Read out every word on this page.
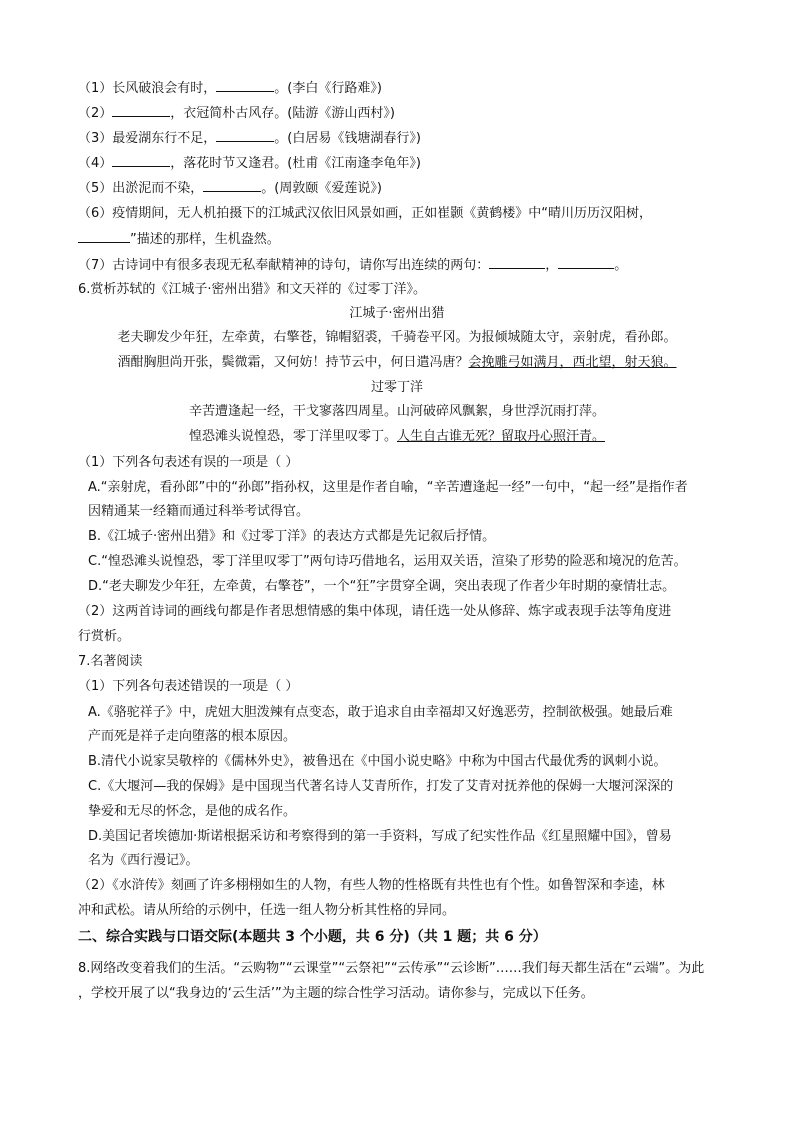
（1）长风破浪会有时，	。(李白《行路难》)
（2）	，衣冠简朴古风存。(陆游《游山西村》)
（3）最爱湖东行不足，	。(白居易《钱塘湖春行》)
（4）	，落花时节又逢君。(杜甫《江南逢李龟年》)
（5）出淤泥而不染，	。(周敦颐《爱莲说》)
（6）疫情期间，无人机拍摄下的江城武汉依旧风景如画，正如崔颢《黄鹤楼》中“晴川历历汉阳树，
”描述的那样，生机盎然。
（7）古诗词中有很多表现无私奉献精神的诗句，请你写出连续的两句：	，	。
6.赏析苏轼的《江城子·密州出猎》和文天祥的《过零丁洋》。
江城子·密州出猎
老夫聊发少年狂，左牵黄，右擎苍，锦帽貂裘，千骑卷平冈。为报倾城随太守，亲射虎，看孙郎。
酒酣胸胆尚开张，鬓微霜，又何妨！持节云中，何日遣冯唐？会挽雕弓如满月，西北望，射天狼。
过零丁洋
辛苦遭逢起一经，干戈寥落四周星。山河破碎风飘絮，身世浮沉雨打萍。
惶恐滩头说惶恐，零丁洋里叹零丁。人生自古谁无死？留取丹心照汗青。
（1）下列各句表述有误的一项是（ ）
A.“亲射虎，看孙郎”中的“孙郎”指孙权，这里是作者自喻，“辛苦遭逢起一经”一句中，“起一经”是指作者
因精通某一经籍而通过科举考试得官。
B.《江城子·密州出猎》和《过零丁洋》的表达方式都是先记叙后抒情。
C.“惶恐滩头说惶恐，零丁洋里叹零丁”两句诗巧借地名，运用双关语，渲染了形势的险恶和境况的危苦。
D.“老夫聊发少年狂，左牵黄，右擎苍”，一个“狂”字贯穿全调，突出表现了作者少年时期的豪情壮志。
（2）这两首诗词的画线句都是作者思想情感的集中体现，请任选一处从修辞、炼字或表现手法等角度进
行赏析。
7.名著阅读
（1）下列各句表述错误的一项是（ ）
A.《骆驼祥子》中，虎妞大胆泼辣有点变态，敢于追求自由幸福却又好逸恶劳，控制欲极强。她最后难
产而死是祥子走向堕落的根本原因。
B.清代小说家吴敬梓的《儒林外史》，被鲁迅在《中国小说史略》中称为中国古代最优秀的讽刺小说。
C.《大堰河—我的保姆》是中国现当代著名诗人艾青所作，打发了艾青对抚养他的保姆一大堰河深深的
挚爱和无尽的怀念，是他的成名作。
D.美国记者埃德加·斯诺根据采访和考察得到的第一手资料，写成了纪实性作品《红星照耀中国》，曾易
名为《西行漫记》。
（2）《水浒传》刻画了许多栩栩如生的人物，有些人物的性格既有共性也有个性。如鲁智深和李逵，林
冲和武松。请从所给的示例中，任选一组人物分析其性格的异同。
二、综合实践与口语交际(本题共 3 个小题，共 6 分)（共 1 题；共 6 分）
8.网络改变着我们的生活。“云购物”“云课堂”“云祭祀”“云传承”“云诊断”……我们每天都生活在“云端”。为此
，学校开展了以“我身边的‘云生活’”为主题的综合性学习活动。请你参与，完成以下任务。
